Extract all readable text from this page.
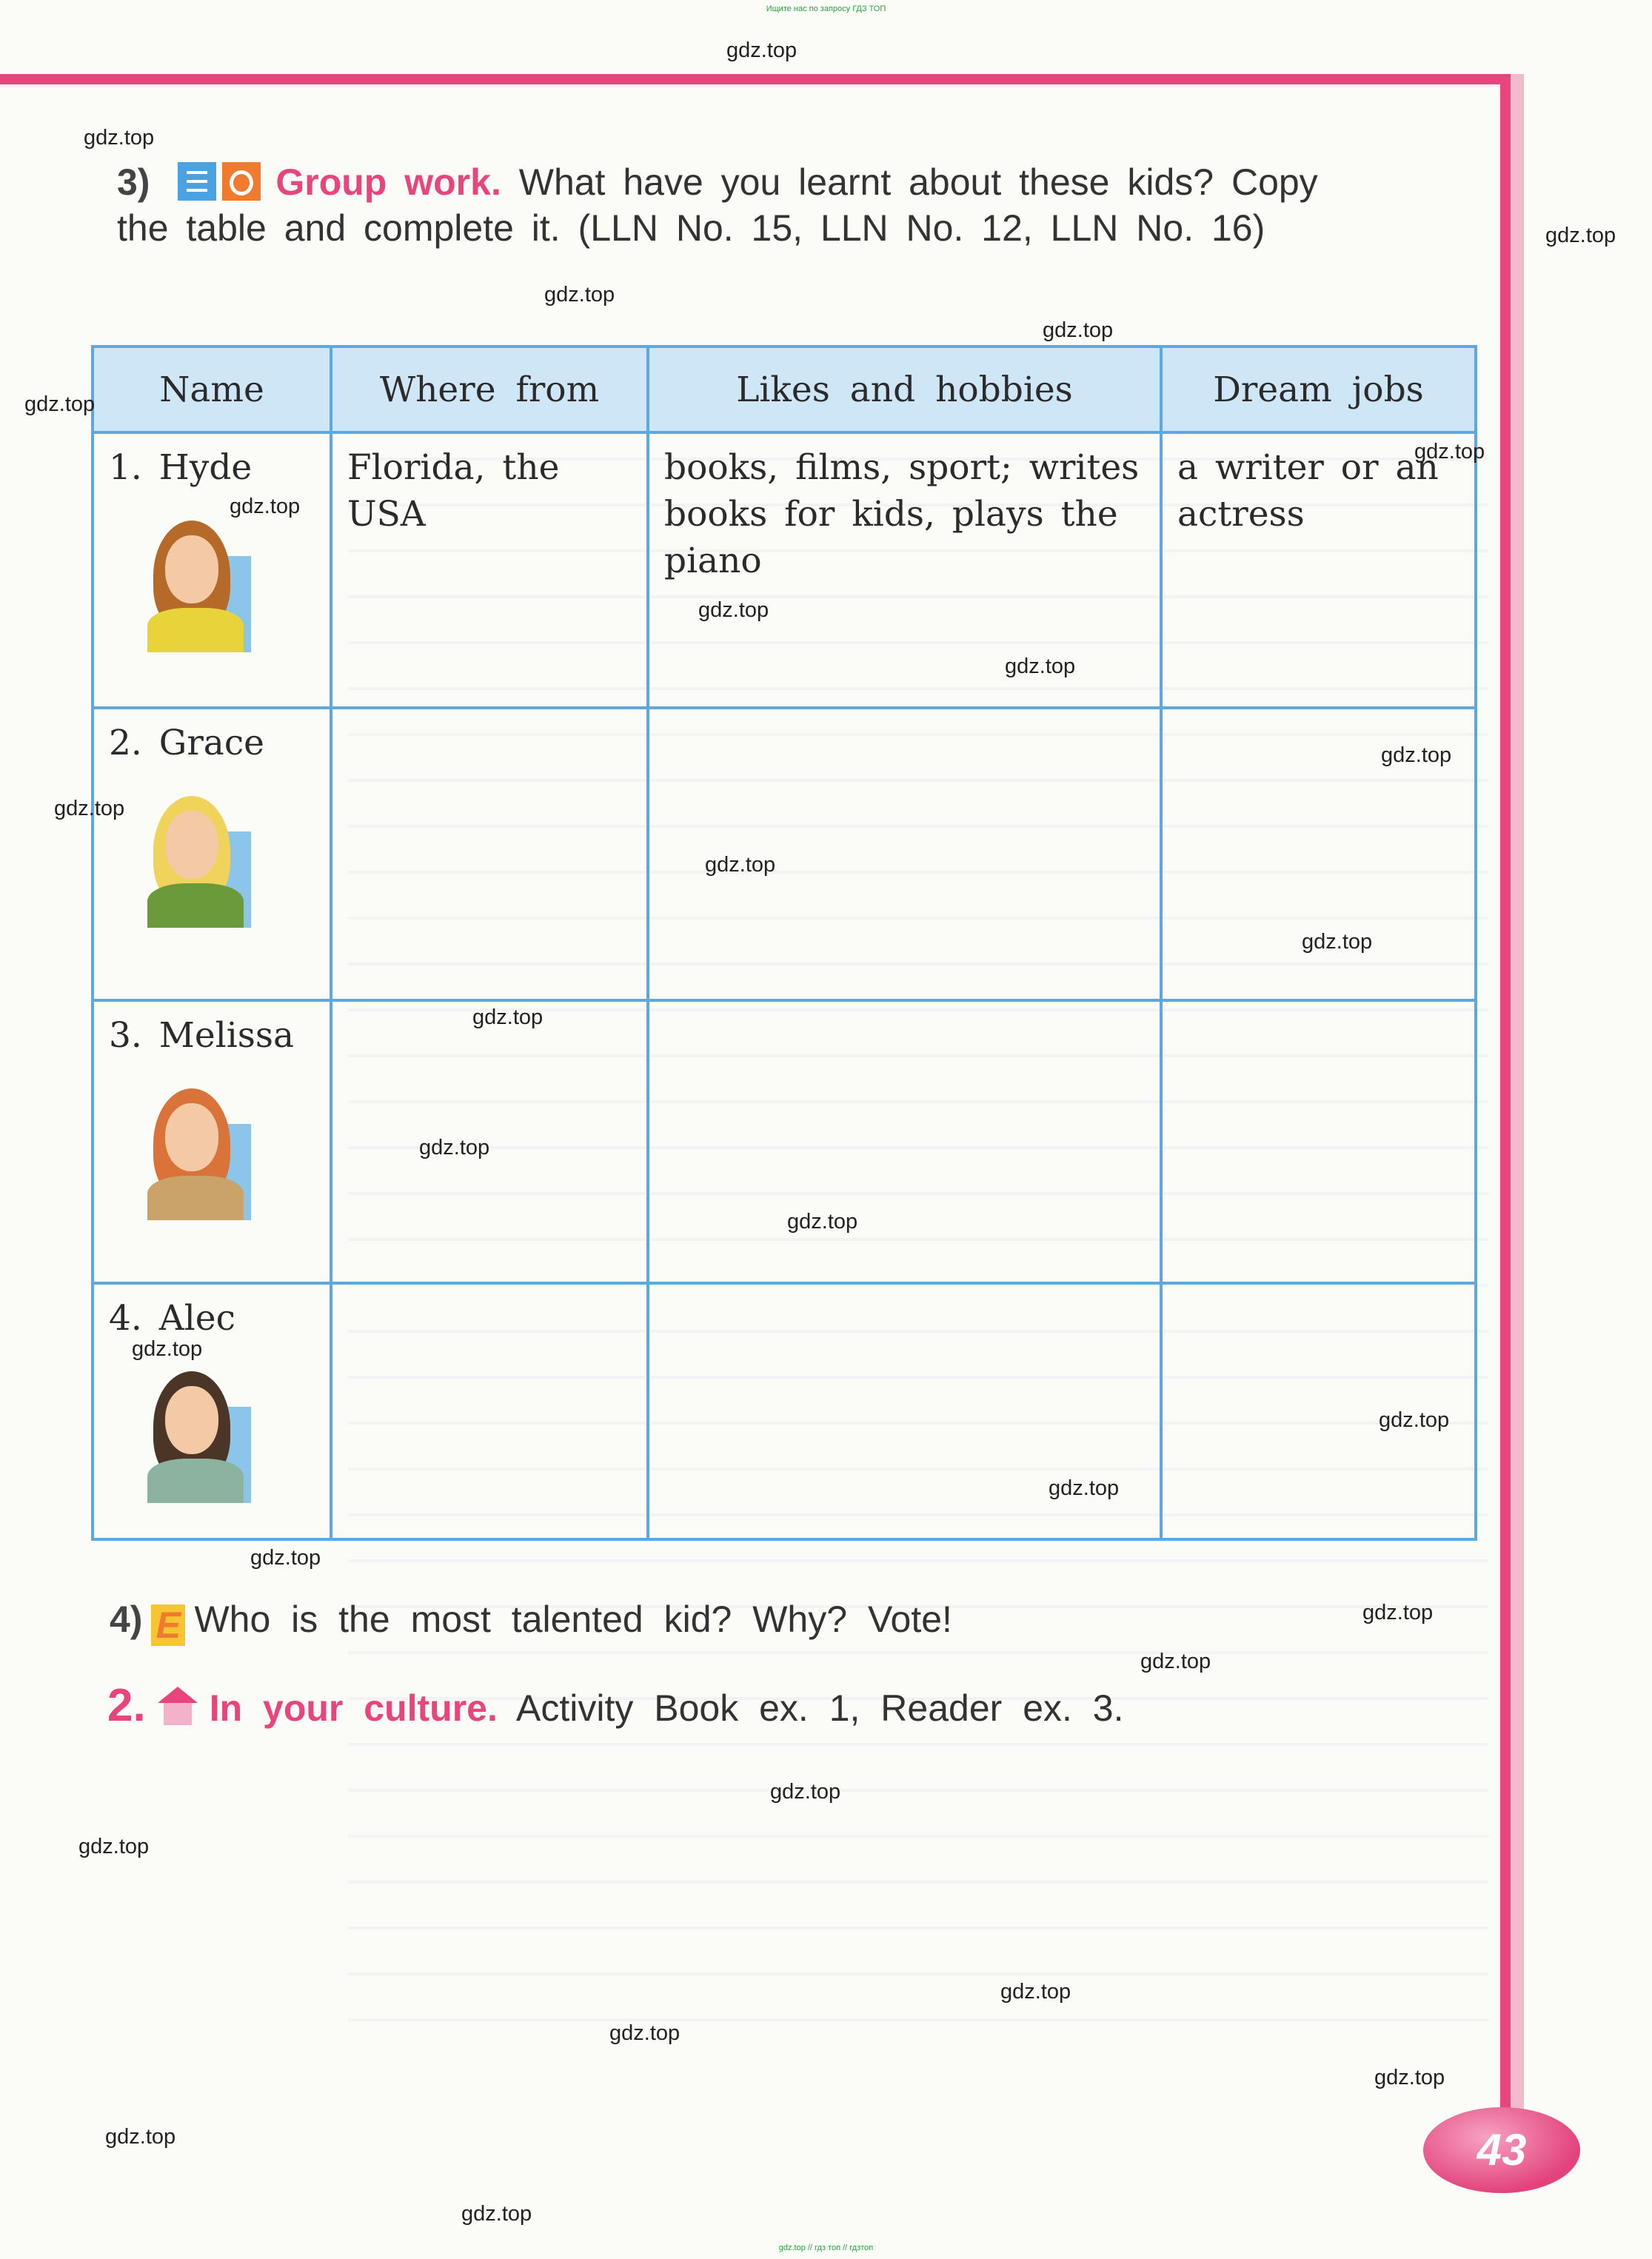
Ищите нас по запросу ГДЗ ТОП
3)	Group work. What have you learnt about these kids? Copy the table and complete it. (LLN No. 15, LLN No. 12, LLN No. 16)
Name	Where from	Likes and hobbies	Dream jobs
1. Hyde	Florida, the USA	books, films, sport; writes books for kids, plays the piano	a writer or an actress
2. Grace

3. Melissa

4. Alec

4) E Who is the most talented kid? Why? Vote!
2. In your culture. Activity Book ex. 1, Reader ex. 3.
43
gdz.top
gdz.top
gdz.top
gdz.top
gdz.top
gdz.top
gdz.top
gdz.top
gdz.top
gdz.top
gdz.top
gdz.top
gdz.top
gdz.top
gdz.top
gdz.top
gdz.top
gdz.top
gdz.top
gdz.top
gdz.top
gdz.top
gdz.top
gdz.top
gdz.top
gdz.top
gdz.top
gdz.top
gdz.top
gdz.top
gdz.top // гдз топ // гдзтоп
